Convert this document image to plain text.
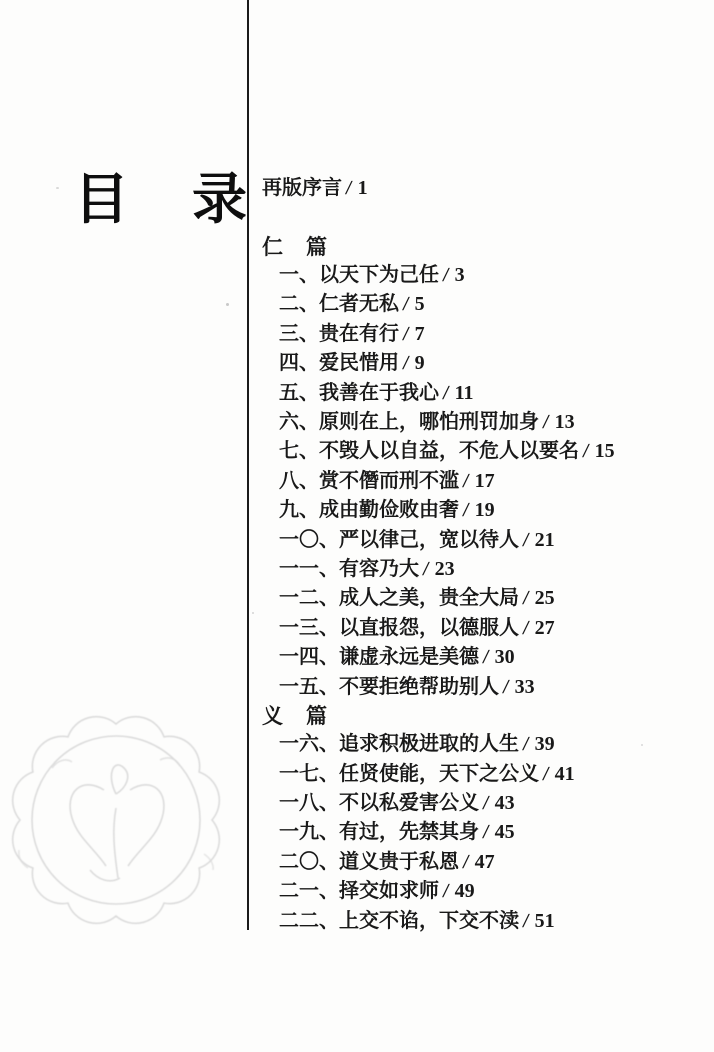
目　录 再版序言 / 1
仁　篇
一、以天下为己任 / 3
二、仁者无私 / 5
三、贵在有行 / 7
四、爱民惜用 / 9
五、我善在于我心 / 11
六、原则在上，哪怕刑罚加身 / 13
七、不毁人以自益，不危人以要名 / 15
八、赏不僭而刑不滥 / 17
九、成由勤俭败由奢 / 19
一〇、严以律己，宽以待人 / 21
一一、有容乃大 / 23
一二、成人之美，贵全大局 / 25
一三、以直报怨，以德服人 / 27
一四、谦虚永远是美德 / 30
一五、不要拒绝帮助别人 / 33
义　篇
一六、追求积极进取的人生 / 39
一七、任贤使能，天下之公义 / 41
一八、不以私爱害公义 / 43
一九、有过，先禁其身 / 45
二〇、道义贵于私恩 / 47
二一、择交如求师 / 49
二二、上交不谄，下交不渎 / 51
